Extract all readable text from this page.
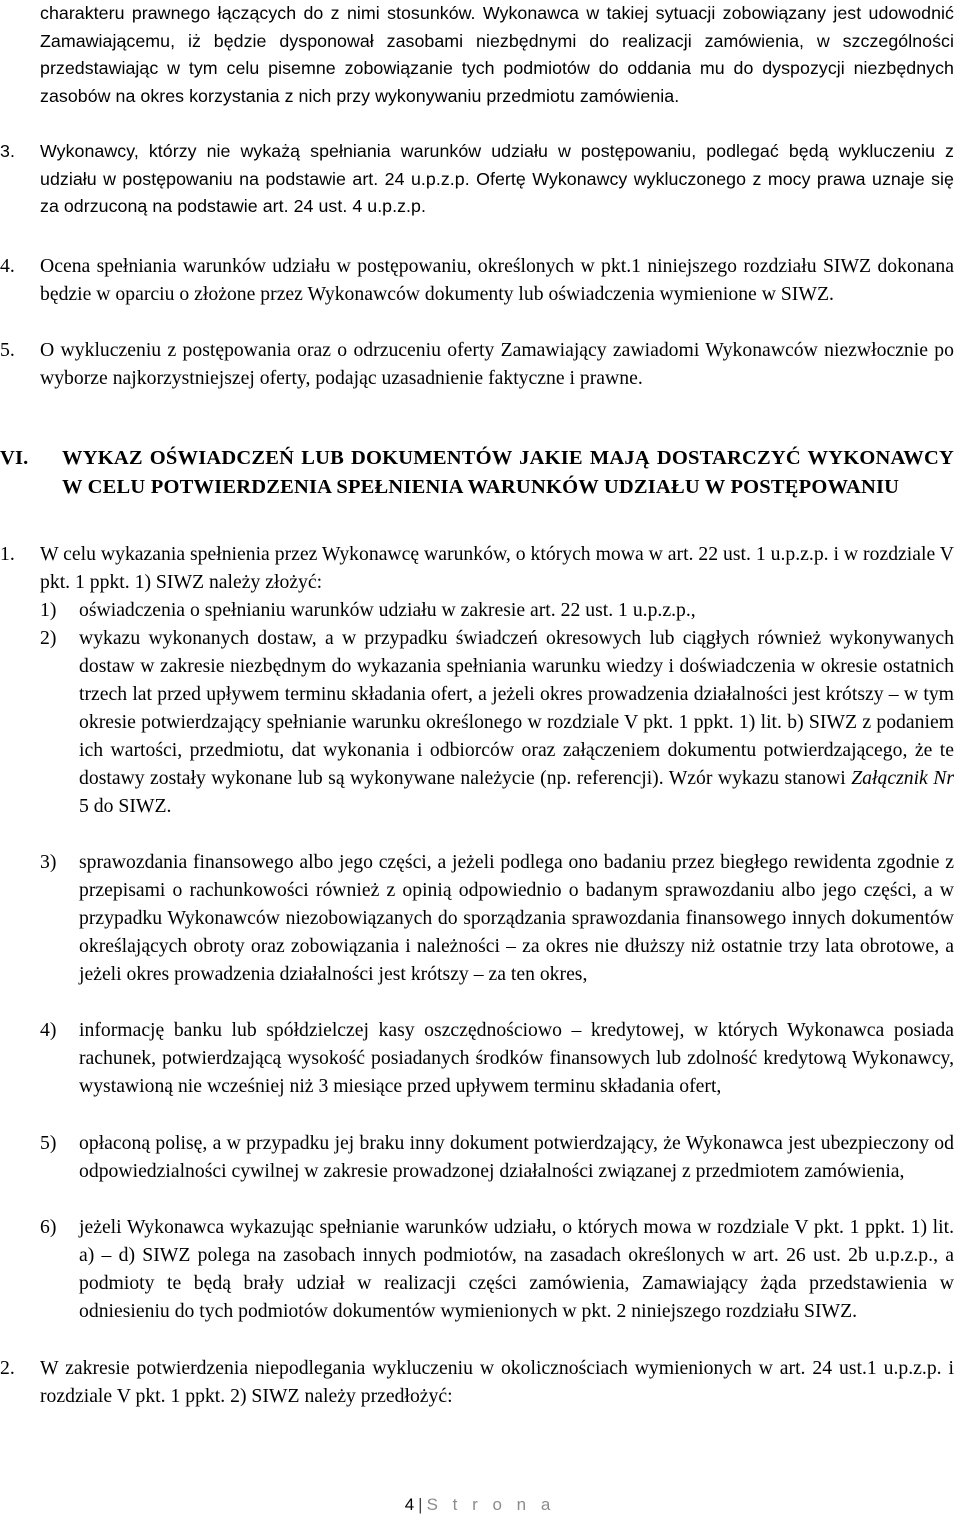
charakteru prawnego łączących do z nimi stosunków. Wykonawca w takiej sytuacji zobowiązany jest udowodnić Zamawiającemu, iż będzie dysponował zasobami niezbędnymi do realizacji zamówienia, w szczególności przedstawiając w tym celu pisemne zobowiązanie tych podmiotów do oddania mu do dyspozycji niezbędnych zasobów na okres korzystania z nich przy wykonywaniu przedmiotu zamówienia.
3. Wykonawcy, którzy nie wykażą spełniania warunków udziału w postępowaniu, podlegać będą wykluczeniu z udziału w postępowaniu na podstawie art. 24 u.p.z.p. Ofertę Wykonawcy wykluczonego z mocy prawa uznaje się za odrzuconą na podstawie art. 24 ust. 4 u.p.z.p.
4. Ocena spełniania warunków udziału w postępowaniu, określonych w pkt.1 niniejszego rozdziału SIWZ dokonana będzie w oparciu o złożone przez Wykonawców dokumenty lub oświadczenia wymienione w SIWZ.
5. O wykluczeniu z postępowania oraz o odrzuceniu oferty Zamawiający zawiadomi Wykonawców niezwłocznie po wyborze najkorzystniejszej oferty, podając uzasadnienie faktyczne i prawne.
VI. WYKAZ OŚWIADCZEŃ LUB DOKUMENTÓW JAKIE MAJĄ DOSTARCZYĆ WYKONAWCY W CELU POTWIERDZENIA SPEŁNIENIA WARUNKÓW UDZIAŁU W POSTĘPOWANIU
1. W celu wykazania spełnienia przez Wykonawcę warunków, o których mowa w art. 22 ust. 1 u.p.z.p. i w rozdziale V pkt. 1 ppkt. 1) SIWZ należy złożyć:
1) oświadczenia o spełnianiu warunków udziału w zakresie art. 22 ust. 1 u.p.z.p.,
2) wykazu wykonanych dostaw, a w przypadku świadczeń okresowych lub ciągłych również wykonywanych dostaw w zakresie niezbędnym do wykazania spełniania warunku wiedzy i doświadczenia w okresie ostatnich trzech lat przed upływem terminu składania ofert, a jeżeli okres prowadzenia działalności jest krótszy – w tym okresie potwierdzający spełnianie warunku określonego w rozdziale V pkt. 1 ppkt. 1) lit. b) SIWZ z podaniem ich wartości, przedmiotu, dat wykonania i odbiorców oraz załączeniem dokumentu potwierdzającego, że te dostawy zostały wykonane lub są wykonywane należycie (np. referencji). Wzór wykazu stanowi Załącznik Nr 5 do SIWZ.
3) sprawozdania finansowego albo jego części, a jeżeli podlega ono badaniu przez biegłego rewidenta zgodnie z przepisami o rachunkowości również z opinią odpowiednio o badanym sprawozdaniu albo jego części, a w przypadku Wykonawców niezobowiązanych do sporządzania sprawozdania finansowego innych dokumentów określających obroty oraz zobowiązania i należności – za okres nie dłuższy niż ostatnie trzy lata obrotowe, a jeżeli okres prowadzenia działalności jest krótszy – za ten okres,
4) informację banku lub spółdzielczej kasy oszczędnościowo – kredytowej, w których Wykonawca posiada rachunek, potwierdzającą wysokość posiadanych środków finansowych lub zdolność kredytową Wykonawcy, wystawioną nie wcześniej niż 3 miesiące przed upływem terminu składania ofert,
5) opłaconą polisę, a w przypadku jej braku inny dokument potwierdzający, że Wykonawca jest ubezpieczony od odpowiedzialności cywilnej w zakresie prowadzonej działalności związanej z przedmiotem zamówienia,
6) jeżeli Wykonawca wykazując spełnianie warunków udziału, o których mowa w rozdziale V pkt. 1 ppkt. 1) lit. a) – d) SIWZ polega na zasobach innych podmiotów, na zasadach określonych w art. 26 ust. 2b u.p.z.p., a podmioty te będą brały udział w realizacji części zamówienia, Zamawiający żąda przedstawienia w odniesieniu do tych podmiotów dokumentów wymienionych w pkt. 2 niniejszego rozdziału SIWZ.
2. W zakresie potwierdzenia niepodlegania wykluczeniu w okolicznościach wymienionych w art. 24 ust.1 u.p.z.p. i rozdziale V pkt. 1 ppkt. 2) SIWZ należy przedłożyć:
4 | S t r o n a
